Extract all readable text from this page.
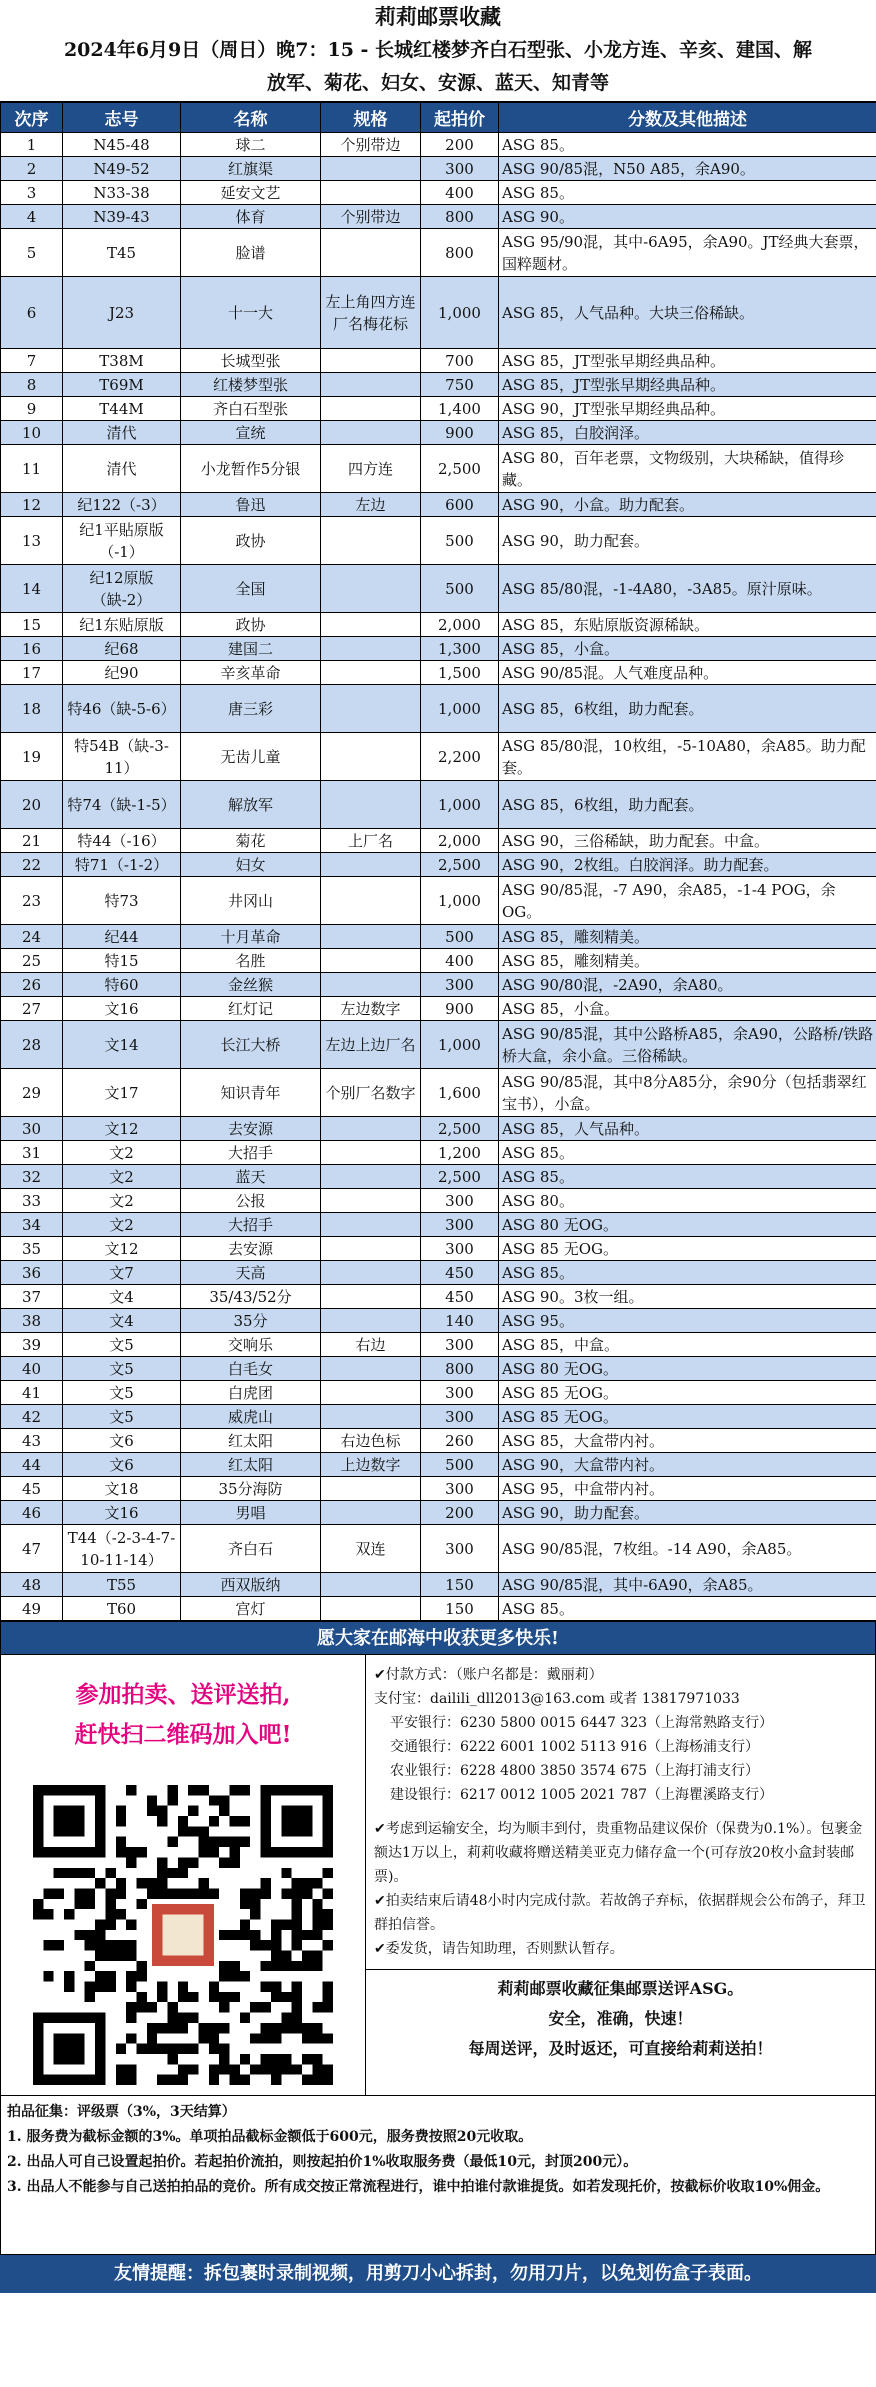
莉莉邮票收藏
2024年6月9日（周日）晚7：15 - 长城红楼梦齐白石型张、小龙方连、辛亥、建国、解
放军、菊花、妇女、安源、蓝天、知青等
次序	志号	名称	规格	起拍价	分数及其他描述
1	N45-48	球二	个别带边	200	ASG 85。
2	N49-52	红旗渠		300	ASG 90/85混，N50 A85，余A90。
3	N33-38	延安文艺		400	ASG 85。
4	N39-43	体育	个别带边	800	ASG 90。
5	T45	脸谱		800	ASG 95/90混，其中-6A95，余A90。JT经典大套票，国粹题材。
6	J23	十一大	左上角四方连厂名梅花标	1,000	ASG 85，人气品种。大块三俗稀缺。
7	T38M	长城型张		700	ASG 85，JT型张早期经典品种。
8	T69M	红楼梦型张		750	ASG 85，JT型张早期经典品种。
9	T44M	齐白石型张		1,400	ASG 90，JT型张早期经典品种。
10	清代	宣统		900	ASG 85，白胶润泽。
11	清代	小龙暂作5分银	四方连	2,500	ASG 80，百年老票，文物级别，大块稀缺，值得珍藏。
12	纪122（-3）	鲁迅	左边	600	ASG 90，小盒。助力配套。
13	纪1平貼原版（-1）	政协		500	ASG 90，助力配套。
14	纪12原版（缺-2）	全国		500	ASG 85/80混，-1-4A80，-3A85。原汁原味。
15	纪1东贴原版	政协		2,000	ASG 85，东贴原版资源稀缺。
16	纪68	建国二		1,300	ASG 85，小盒。
17	纪90	辛亥革命		1,500	ASG 90/85混。人气难度品种。
18	特46（缺-5-6）	唐三彩		1,000	ASG 85，6枚组，助力配套。
19	特54B（缺-3-11）	无齿儿童		2,200	ASG 85/80混，10枚组，-5-10A80，余A85。助力配套。
20	特74（缺-1-5）	解放军		1,000	ASG 85，6枚组，助力配套。
21	特44（-16）	菊花	上厂名	2,000	ASG 90，三俗稀缺，助力配套。中盒。
22	特71（-1-2）	妇女		2,500	ASG 90，2枚组。白胶润泽。助力配套。
23	特73	井冈山		1,000	ASG 90/85混，-7 A90，余A85，-1-4 POG，余OG。
24	纪44	十月革命		500	ASG 85，雕刻精美。
25	特15	名胜		400	ASG 85，雕刻精美。
26	特60	金丝猴		300	ASG 90/80混，-2A90，余A80。
27	文16	红灯记	左边数字	900	ASG 85，小盒。
28	文14	长江大桥	左边上边厂名	1,000	ASG 90/85混，其中公路桥A85，余A90，公路桥/铁路桥大盒，余小盒。三俗稀缺。
29	文17	知识青年	个别厂名数字	1,600	ASG 90/85混，其中8分A85分，余90分（包括翡翠红宝书），小盒。
30	文12	去安源		2,500	ASG 85，人气品种。
31	文2	大招手		1,200	ASG 85。
32	文2	蓝天		2,500	ASG 85。
33	文2	公报		300	ASG 80。
34	文2	大招手		300	ASG 80 无OG。
35	文12	去安源		300	ASG 85 无OG。
36	文7	天高		450	ASG 85。
37	文4	35/43/52分		450	ASG 90。3枚一组。
38	文4	35分		140	ASG 95。
39	文5	交响乐	右边	300	ASG 85，中盒。
40	文5	白毛女		800	ASG 80 无OG。
41	文5	白虎团		300	ASG 85 无OG。
42	文5	威虎山		300	ASG 85 无OG。
43	文6	红太阳	右边色标	260	ASG 85，大盒带内衬。
44	文6	红太阳	上边数字	500	ASG 90，大盒带内衬。
45	文18	35分海防		300	ASG 95，中盒带内衬。
46	文16	男唱		200	ASG 90，助力配套。
47	T44（-2-3-4-7-10-11-14）	齐白石	双连	300	ASG 90/85混，7枚组。-14 A90，余A85。
48	T55	西双版纳		150	ASG 90/85混，其中-6A90，余A85。
49	T60	宫灯		150	ASG 85。
愿大家在邮海中收获更多快乐!
参加拍卖、送评送拍,
赶快扫二维码加入吧!

✔付款方式：（账户名都是：戴丽莉）

支付宝：dailili_dll2013@163.com 或者 13817971033

平安银行：6230 5800 0015 6447 323（上海常熟路支行）

交通银行：6222 6001 1002 5113 916（上海杨浦支行）

农业银行：6228 4800 3850 3574 675（上海打浦支行）

建设银行：6217 0012 1005 2021 787（上海瞿溪路支行）

✔考虑到运输安全，均为顺丰到付，贵重物品建议保价（保费为0.1%）。包裹金额达1万以上，莉莉收藏将赠送精美亚克力储存盒一个(可存放20枚小盒封装邮票)。

✔拍卖结束后请48小时内完成付款。若故鸽子弃标，依据群规会公布鸽子，拜卫群拍信誉。

✔委发货，请告知助理，否则默认暂存。

莉莉邮票收藏征集邮票送评ASG。
安全，准确，快速！
每周送评，及时返还，可直接给莉莉送拍！
拍品征集：评级票（3%，3天结算）
1. 服务费为截标金额的3%。单项拍品截标金额低于600元，服务费按照20元收取。
2. 出品人可自己设置起拍价。若起拍价流拍，则按起拍价1%收取服务费（最低10元，封顶200元）。
3. 出品人不能参与自己送拍拍品的竞价。所有成交按正常流程进行，谁中拍谁付款谁提货。如若发现托价，按截标价收取10%佣金。
友情提醒：拆包裹时录制视频，用剪刀小心拆封，勿用刀片，以免划伤盒子表面。
